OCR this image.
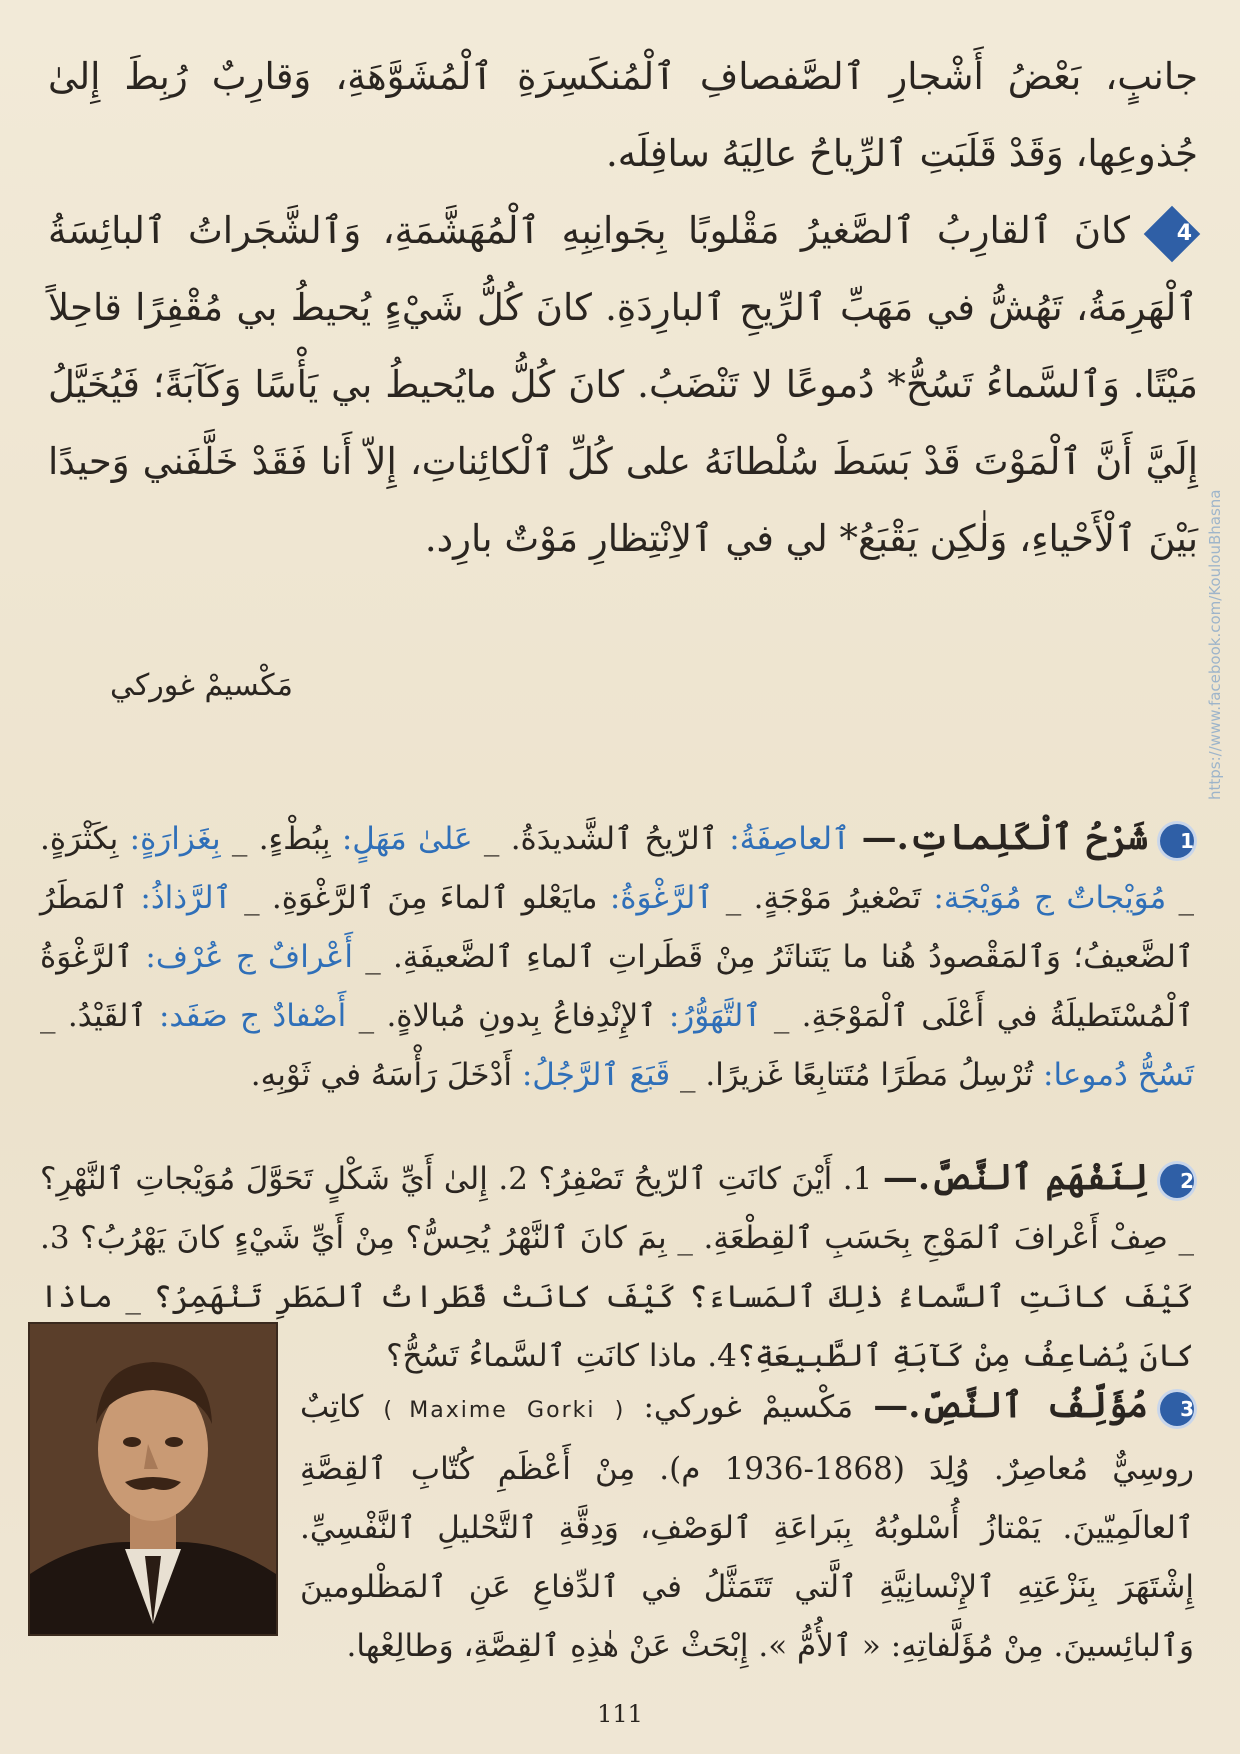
جانبٍ، بَعْضُ أَشْجارِ ٱلصَّفصافِ ٱلْمُنكَسِرَةِ ٱلْمُشَوَّهَةِ، وَقارِبٌ رُبِطَ إِلىٰ جُذوعِها، وَقَدْ قَلَبَتِ ٱلرِّياحُ عالِيَهُ سافِلَه.

4
كانَ ٱلقارِبُ ٱلصَّغيرُ مَقْلوبًا بِجَوانِبِهِ ٱلْمُهَشَّمَةِ، وَٱلشَّجَراتُ ٱلبائِسَةُ ٱلْهَرِمَةُ، تَهُشُّ في مَهَبِّ ٱلرِّيحِ ٱلبارِدَةِ. كانَ كُلُّ شَيْءٍ يُحيطُ بي مُقْفِرًا قاحِلاً مَيْتًا. وَٱلسَّماءُ تَسُحُّ* دُموعًا لا تَنْضَبُ. كانَ كُلُّ مايُحيطُ بي يَأْسًا وَكَآبَةً؛ فَيُخَيَّلُ إِلَيَّ أَنَّ ٱلْمَوْتَ قَدْ بَسَطَ سُلْطانَهُ على كُلِّ ٱلْكائِناتِ، إِلاّ أَنا فَقَدْ خَلَّفَني وَحيدًا بَيْنَ ٱلْأَحْياءِ، وَلٰكِن يَقْبَعُ* لي في ٱلاِنْتِظارِ مَوْتٌ بارِد.

مَكْسيمْ غوركي	https://www.facebook.com/KoulouBhasna
1شَرْحُ ٱلْكَلِماتِ.— ٱلعاصِفَةُ: ٱلرّيحُ ٱلشَّديدَةُ. _ عَلىٰ مَهَلٍ: بِبُطْءٍ. _ بِغَزارَةٍ: بِكَثْرَةٍ. _ مُوَيْجاتٌ ج مُوَيْجَة: تَصْغيرُ مَوْجَةٍ. _ ٱلرَّغْوَةُ: مايَعْلو ٱلماءَ مِنَ ٱلرَّغْوَةِ. _ ٱلرَّذاذُ: ٱلمَطَرُ ٱلضَّعيفُ؛ وَٱلمَقْصودُ هُنا ما يَتَناثَرُ مِنْ قَطَراتِ ٱلماءِ ٱلضَّعيفَةِ. _ أَعْرافٌ ج عُرْف: ٱلرَّغْوَةُ ٱلْمُسْتَطيلَةُ في أَعْلَى ٱلْمَوْجَةِ. _ ٱلتَّهَوُّرُ: ٱلإِنْدِفاعُ بِدونِ مُبالاةٍ. _ أَصْفادٌ ج صَفَد: ٱلقَيْدُ. _ تَسُحُّ دُموعا: تُرْسِلُ مَطَرًا مُتَتابِعًا غَزيرًا. _ قَبَعَ ٱلرَّجُلُ: أَدْخَلَ رَأْسَهُ في ثَوْبِهِ.
2لِنَفْهَمِ ٱلنَّصَّ.— 1. أَيْنَ كانَتِ ٱلرّيحُ تَصْفِرُ؟ 2. إِلىٰ أَيِّ شَكْلٍ تَحَوَّلَ مُوَيْجاتِ ٱلنَّهْرِ؟ _ صِفْ أَعْرافَ ٱلمَوْجِ بِحَسَبِ ٱلقِطْعَةِ. _ بِمَ كانَ ٱلنَّهْرُ يُحِسُّ؟ مِنْ أَيِّ شَيْءٍ كانَ يَهْرُبُ؟ 3. كَيْفَ كانَتِ ٱلسَّماءُ ذٰلِكَ ٱلمَساءَ؟ كَيْفَ كانَتْ قَطَراتُ ٱلمَطَرِ تَنْهَمِرُ؟ _ ماذا كانَ يُضاعِفُ مِنْ كَآبَةِ ٱلطَّبيعَةِ؟4. ماذا كانَتِ ٱلسَّماءُ تَسُحُّ؟
3مُؤَلِّفُ ٱلنَّصِّ.— مَكْسيمْ غوركي: ( Maxime Gorki ) كاتِبٌ روسِيٌّ مُعاصِرٌ. وُلِدَ (1868-1936 م). مِنْ أَعْظَمِ كُتّابِ ٱلقِصَّةِ ٱلعالَمِيّينَ. يَمْتازُ أُسْلوبُهُ بِبَراعَةِ ٱلوَصْفِ، وَدِقَّةِ ٱلتَّحْليلِ ٱلنَّفْسِيِّ. إِشْتَهَرَ بِنَزْعَتِهِ ٱلإِنْسانِيَّةِ ٱلَّتي تَتَمَثَّلُ في ٱلدِّفاعِ عَنِ ٱلمَظْلومينَ وَٱلبائِسينَ. مِنْ مُؤَلَّفاتِهِ: « ٱلأُمُّ ». إِبْحَثْ عَنْ هٰذِهِ ٱلقِصَّةِ، وَطالِعْها.
111
